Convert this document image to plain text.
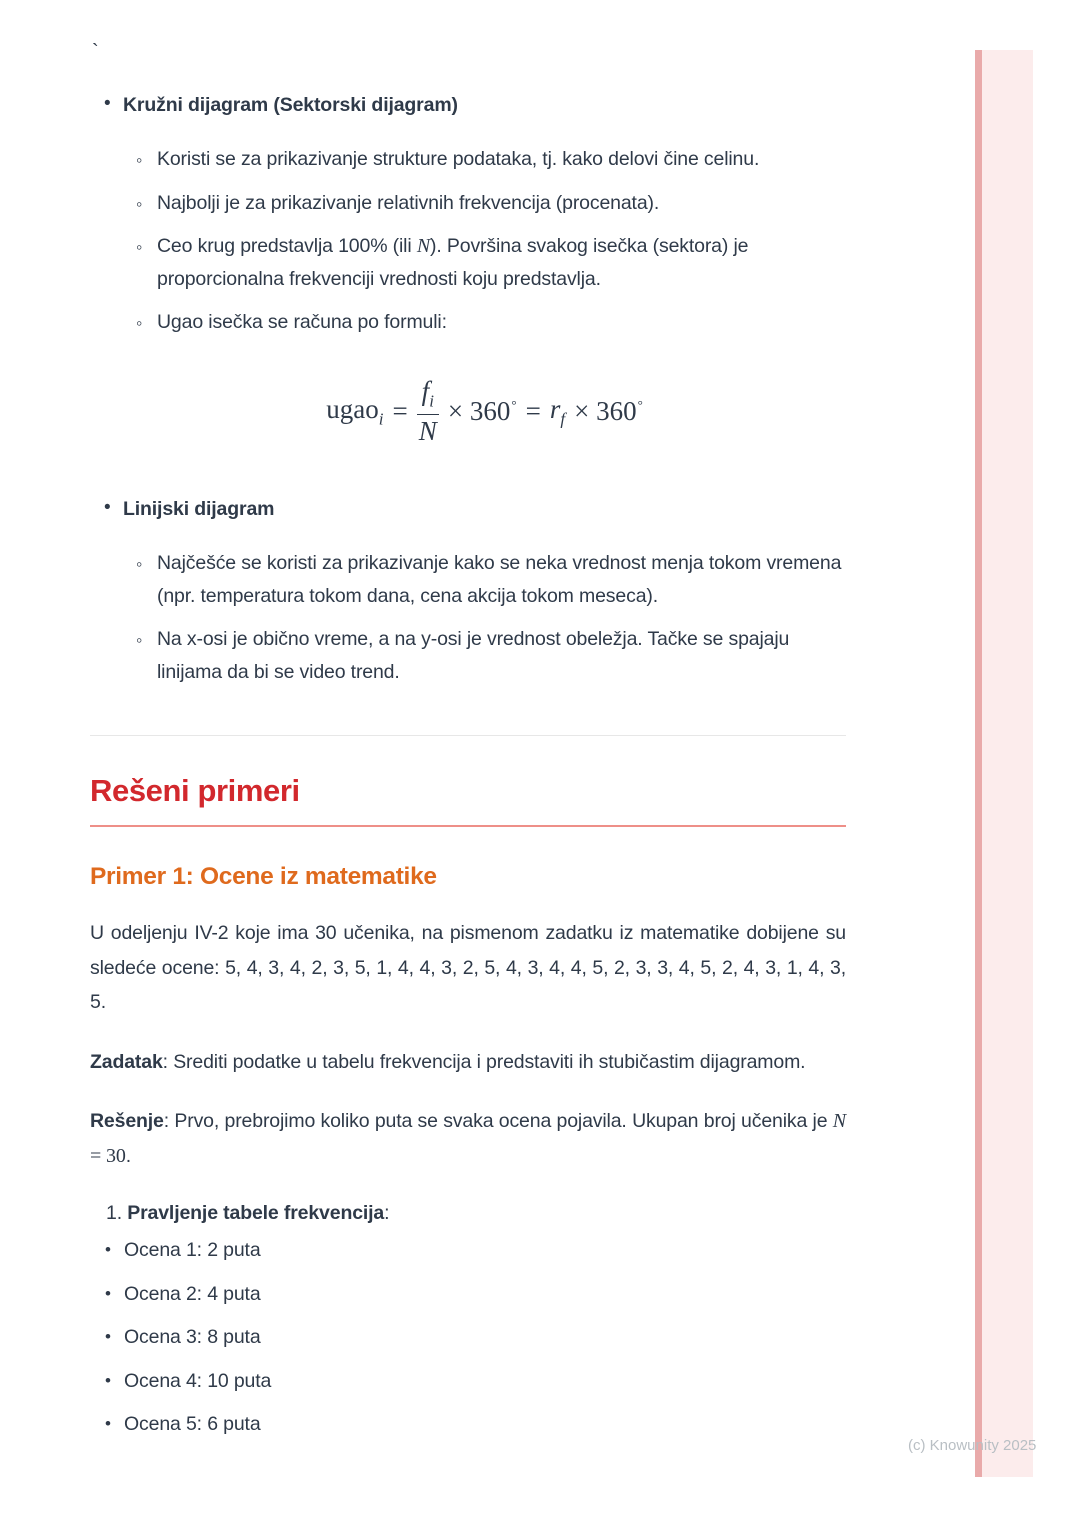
`
• Kružni dijagram (Sektorski dijagram)
◦ Koristi se za prikazivanje strukture podataka, tj. kako delovi čine celinu.
◦ Najbolji je za prikazivanje relativnih frekvencija (procenata).
◦ Ceo krug predstavlja 100% (ili N). Površina svakog isečka (sektora) je proporcionalna frekvenciji vrednosti koju predstavlja.
◦ Ugao isečka se računa po formuli:
ugao$_i$ = $\frac{f_i}{N} \times 360^\circ = r_f \times 360^\circ$
• Linijski dijagram
◦ Najčešće se koristi za prikazivanje kako se neka vrednost menja tokom vremena (npr. temperatura tokom dana, cena akcija tokom meseca).
◦ Na x-osi je obično vreme, a na y-osi je vrednost obeležja. Tačke se spajaju linijama da bi se video trend.
Rešeni primeri
Primer 1: Ocene iz matematike

U odeljenju IV-2 koje ima 30 učenika, na pismenom zadatku iz matematike dobijene su sledeće ocene: 5, 4, 3, 4, 2, 3, 5, 1, 4, 4, 3, 2, 5, 4, 3, 4, 4, 5, 2, 3, 3, 4, 5, 2, 4, 3, 1, 4, 3, 5.

Zadatak: Srediti podatke u tabelu frekvencija i predstaviti ih stubičastim dijagramom.

Rešenje: Prvo, prebrojimo koliko puta se svaka ocena pojavila. Ukupan broj učenika je N = 30.

1. Pravljenje tabele frekvencija:
• Ocena 1: 2 puta
• Ocena 2: 4 puta
• Ocena 3: 8 puta
• Ocena 4: 10 puta
• Ocena 5: 6 puta
(c) Knowunity 2025
